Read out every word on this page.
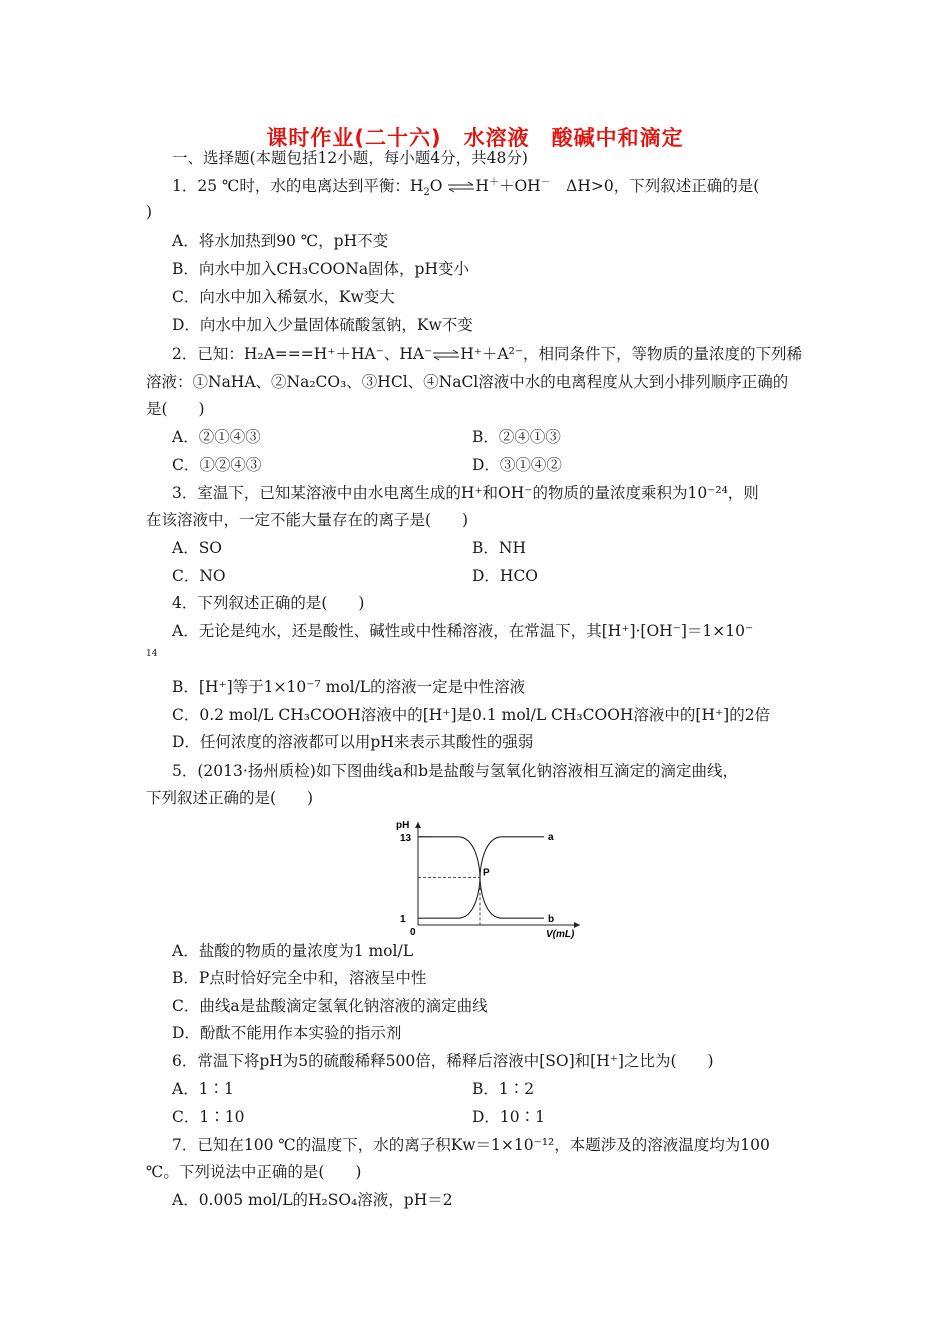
课时作业(二十六)　水溶液　酸碱中和滴定
一、选择题(本题包括12小题，每小题4分，共48分)
1．25 ℃时，水的电离达到平衡：$H_2O$ ⇌H＋＋OH－　ΔH>0，下列叙述正确的是(
)
A．将水加热到90 ℃，pH不变
B．向水中加入CH₃COONa固体，pH变小
C．向水中加入稀氨水，Kw变大
D．向水中加入少量固体硫酸氢钠，Kw不变
2．已知：H₂A===H⁺＋HA⁻、HA⁻⇌H⁺＋A²⁻，相同条件下，等物质的量浓度的下列稀
溶液：①NaHA、②Na₂CO₃、③HCl、④NaCl溶液中水的电离程度从大到小排列顺序正确的
是(　　)
A．②①④③	B．②④①③
C．①②④③	D．③①④②
3．室温下，已知某溶液中由水电离生成的H⁺和OH⁻的物质的量浓度乘积为10⁻²⁴，则
在该溶液中，一定不能大量存在的离子是(　　)
A．SO	B．NH
C．NO	D．HCO
4．下列叙述正确的是(　　)
A．无论是纯水，还是酸性、碱性或中性稀溶液，在常温下，其[H⁺]·[OH⁻]＝1×10⁻
14
B．[H⁺]等于1×10⁻⁷ mol/L的溶液一定是中性溶液
C．0.2 mol/L CH₃COOH溶液中的[H⁺]是0.1 mol/L CH₃COOH溶液中的[H⁺]的2倍
D．任何浓度的溶液都可以用pH来表示其酸性的强弱
5．(2013·扬州质检)如下图曲线a和b是盐酸与氢氧化钠溶液相互滴定的滴定曲线，
下列叙述正确的是(　　)
pH
V(mL)
13
1
0
a
b
P
A．盐酸的物质的量浓度为1 mol/L
B．P点时恰好完全中和，溶液呈中性
C．曲线a是盐酸滴定氢氧化钠溶液的滴定曲线
D．酚酞不能用作本实验的指示剂
6．常温下将pH为5的硫酸稀释500倍，稀释后溶液中[SO]和[H⁺]之比为(　　)
A．1∶1	B．1∶2
C．1∶10	D．10∶1
7．已知在100 ℃的温度下，水的离子积Kw＝1×10⁻¹²，本题涉及的溶液温度均为100
℃。下列说法中正确的是(　　)
A．0.005 mol/L的H₂SO₄溶液，pH＝2
